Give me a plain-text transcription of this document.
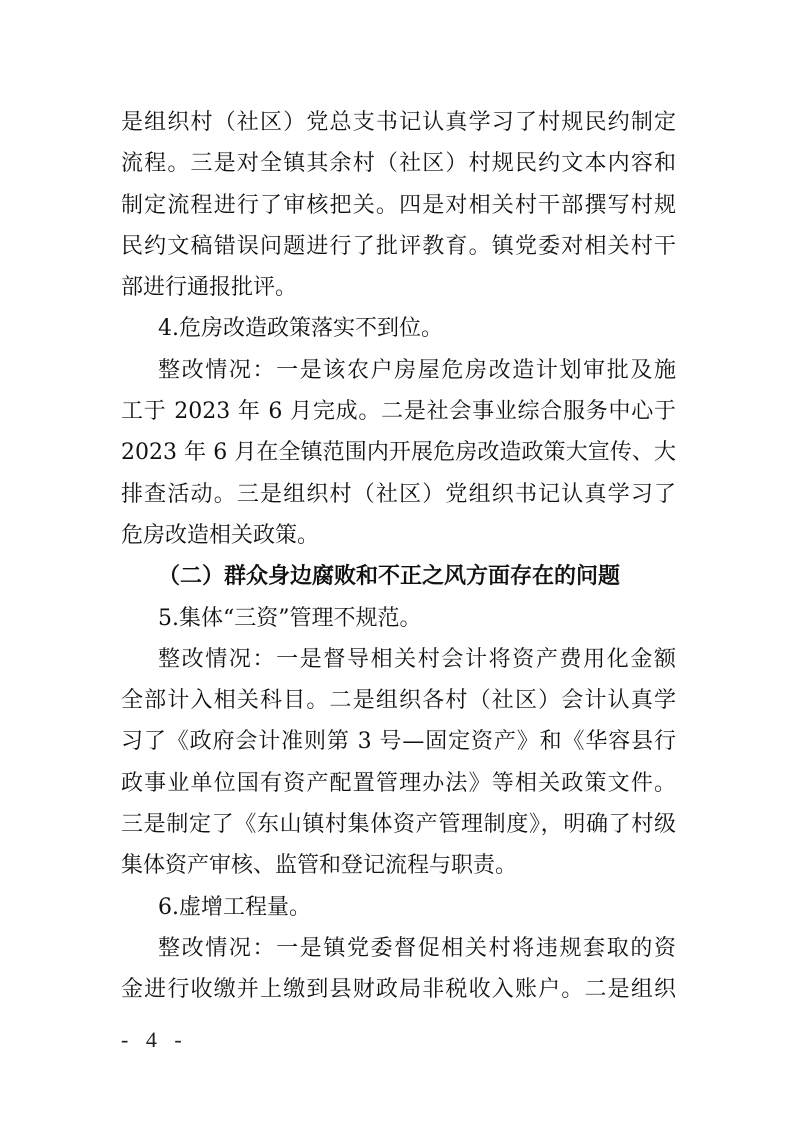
是组织村（社区）党总支书记认真学习了村规民约制定
流程。三是对全镇其余村（社区）村规民约文本内容和
制定流程进行了审核把关。四是对相关村干部撰写村规
民约文稿错误问题进行了批评教育。镇党委对相关村干
部进行通报批评。
4.危房改造政策落实不到位。
整改情况：一是该农户房屋危房改造计划审批及施
工于 2023 年 6 月完成。二是社会事业综合服务中心于
2023 年 6 月在全镇范围内开展危房改造政策大宣传、大
排查活动。三是组织村（社区）党组织书记认真学习了
危房改造相关政策。
（二）群众身边腐败和不正之风方面存在的问题
5.集体“三资”管理不规范。
整改情况：一是督导相关村会计将资产费用化金额
全部计入相关科目。二是组织各村（社区）会计认真学
习了《政府会计准则第 3 号—固定资产》和《华容县行
政事业单位国有资产配置管理办法》等相关政策文件。
三是制定了《东山镇村集体资产管理制度》，明确了村级
集体资产审核、监管和登记流程与职责。
6.虚增工程量。
整改情况：一是镇党委督促相关村将违规套取的资
金进行收缴并上缴到县财政局非税收入账户。二是组织
- 4 -
